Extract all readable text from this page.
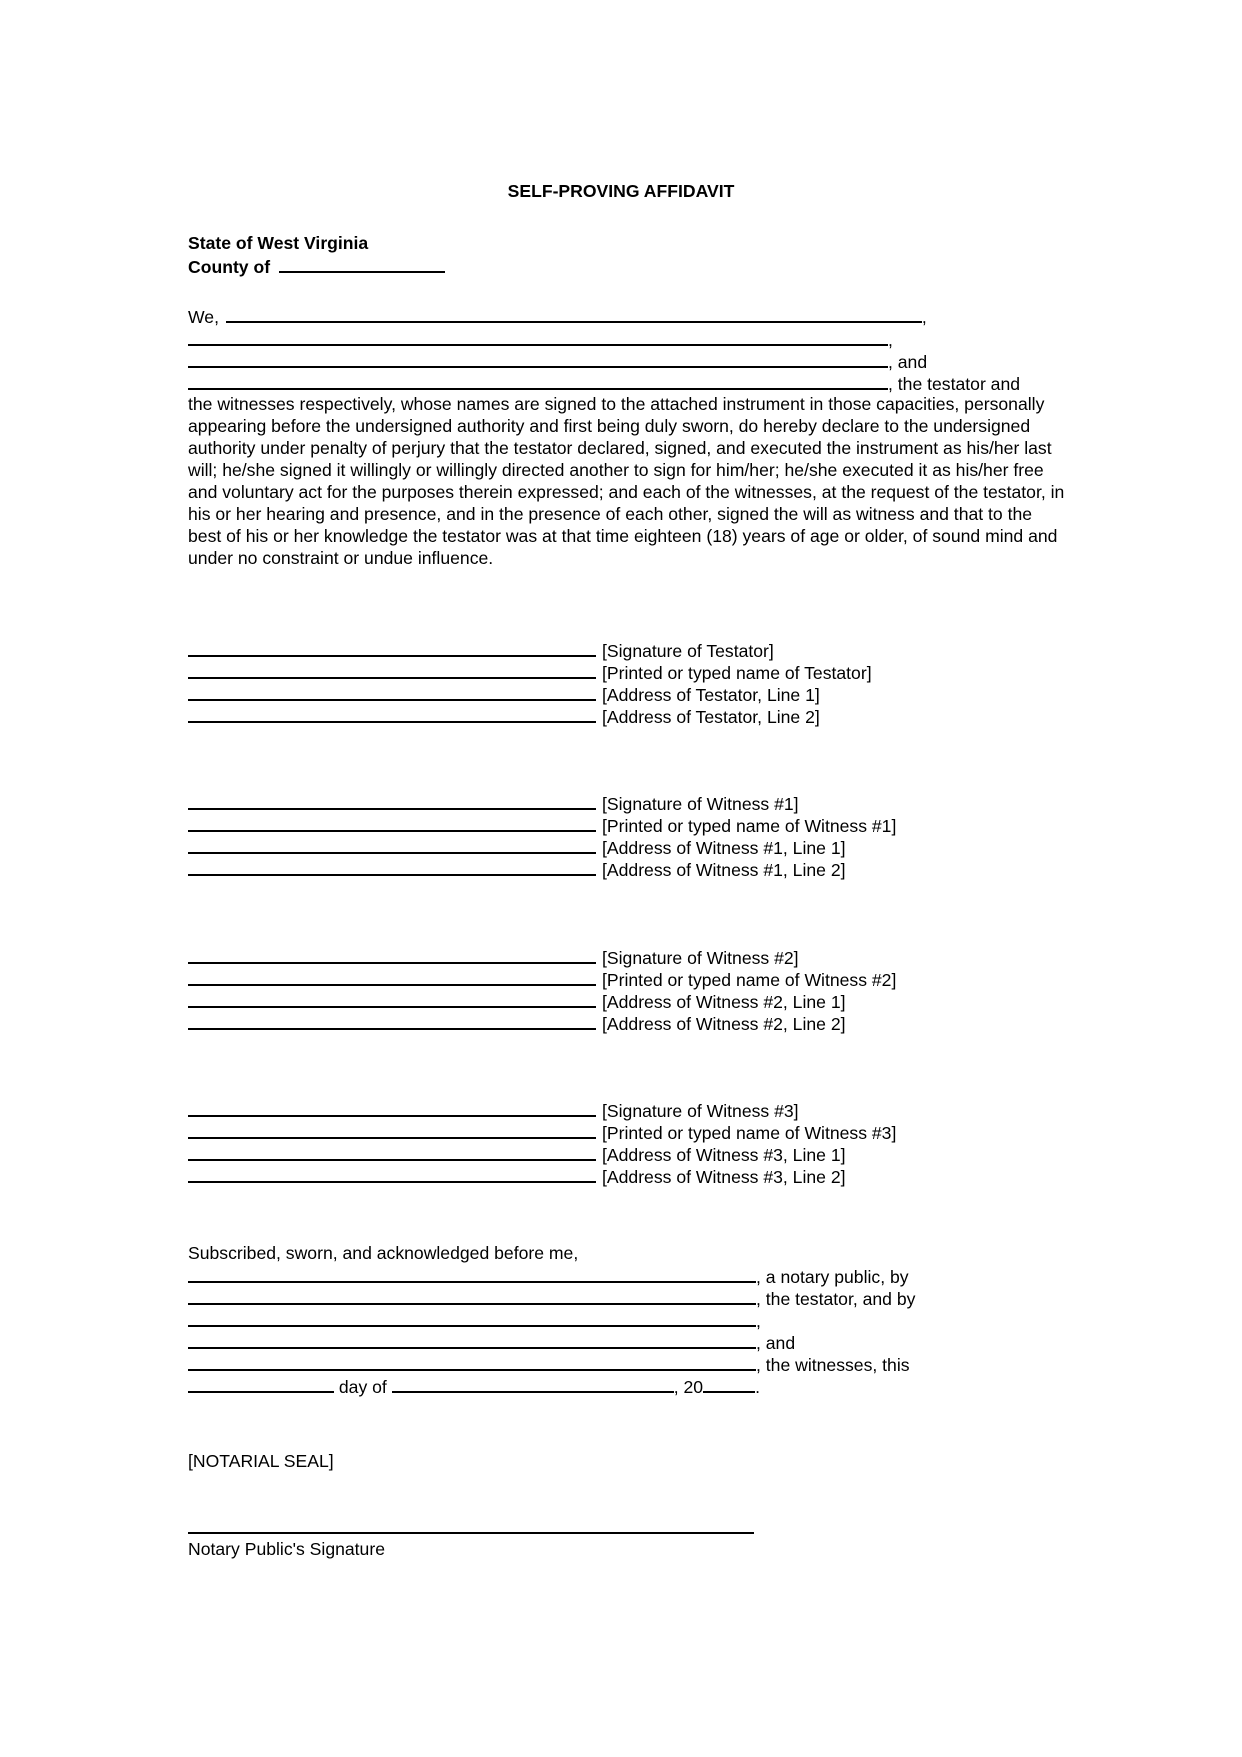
SELF-PROVING AFFIDAVIT
State of West Virginia
County of
We,	,
,
, and
, the testator and
the witnesses respectively, whose names are signed to the attached instrument in those capacities, personally appearing before the undersigned authority and first being duly sworn, do hereby declare to the undersigned authority under penalty of perjury that the testator declared, signed, and executed the instrument as his/her last will; he/she signed it willingly or willingly directed another to sign for him/her; he/she executed it as his/her free and voluntary act for the purposes therein expressed; and each of the witnesses, at the request of the testator, in his or her hearing and presence, and in the presence of each other, signed the will as witness and that to the best of his or her knowledge the testator was at that time eighteen (18) years of age or older, of sound mind and under no constraint or undue influence.
[Signature of Testator]
[Printed or typed name of Testator]
[Address of Testator, Line 1]
[Address of Testator, Line 2]
[Signature of Witness #1]
[Printed or typed name of Witness #1]
[Address of Witness #1, Line 1]
[Address of Witness #1, Line 2]
[Signature of Witness #2]
[Printed or typed name of Witness #2]
[Address of Witness #2, Line 1]
[Address of Witness #2, Line 2]
[Signature of Witness #3]
[Printed or typed name of Witness #3]
[Address of Witness #3, Line 1]
[Address of Witness #3, Line 2]
Subscribed, sworn, and acknowledged before me,
, a notary public, by
, the testator, and by
,
, and
, the witnesses, this
day of	, 20	.
[NOTARIAL SEAL]
Notary Public's Signature
